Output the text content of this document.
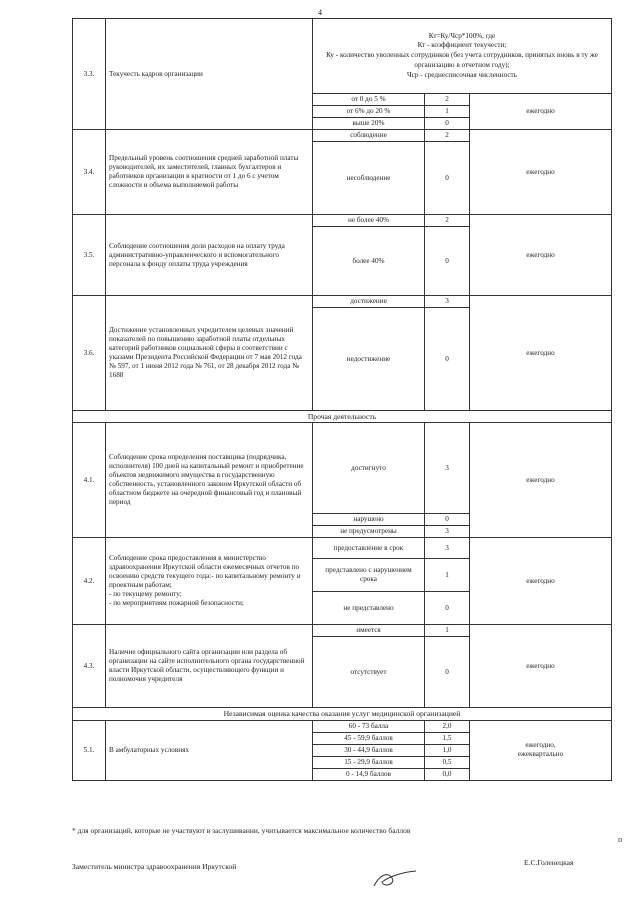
4
3.3.	Текучесть кадров организации	Кт=Ку/Чср*100%, где
Кт - коэффициент текучести;
Ку - количество уволенных сотрудников (без учета сотрудников, принятых вновь в ту же организацию в отчетном году);
Чср - среднесписочная численность		

		от 0 до 5 %	2	ежегодно
		от 6% до 20 %	1	
		выше 20%	0	
3.4.	Предельный уровень соотношения средней заработной платы руководителей, их заместителей, главных бухгалтеров и работников организации в кратности от 1 до 6 с учетом сложности и объема выполняемой работы	соблюдение	2	ежегодно
		несоблюдение	0	
3.5.	Соблюдение соотношения доли расходов на оплату труда административно-управленческого и вспомогательного персонала к фонду оплаты труда учреждения	не более 40%	2	ежегодно
		более 40%	0	
3.6.	Достижение установленных учредителем целевых значений показателей по повышению заработной платы отдельных категорий работников социальной сферы в соответствии с указами Президента Российской Федерации от 7 мая 2012 года № 597, от 1 июня 2012 года № 761, от 28 декабря 2012 года № 1688	достижение	3	ежегодно
		недостижение	0	
Прочая деятельность				
4.1.	Соблюдение срока определения поставщика (подрядчика, исполнителя) 100 дней на капитальный ремонт и приобретение объектов недвижимого имущества в государственную собственность, установленного законом Иркутской области об областном бюджете на очередной финансовый год и плановый период	достигнуто	3	ежегодно
		нарушено	0	
		не предусмотрены	3	
4.2.	Соблюдение срока предоставления в министерство здравоохранения Иркутской области ежемесячных отчетов по освоению средств текущего года:- по капитальному ремонту и проектным работам;
- по текущему ремонту;
- по мероприятиям пожарной безопасности;	предоставление в срок	3	ежегодно
		представлено с нарушением срока	1	
		не представлено	0	
4.3.	Наличие официального сайта организации или раздела об организации на сайте исполнительного органа государственной власти Иркутской области, осуществляющего функции и полномочия учредителя	имеется	1	ежегодно
		отсутствует	0	
Независимая оценка качества оказания услуг медицинской организацией				
5.1.	В амбулаторных условиях	60 - 73 балла	2,0	ежегодно,
ежеквартально

		45 - 59,9 баллов	1,5	
		30 - 44,9 баллов	1,0	
		15 - 29,9 баллов	0,5	
		0 - 14,9 баллов	0,0	
* для организаций, которые не участвуют в заслушивании, учитывается максимальное количество баллов
D
Заместитель министра здравоохранения Иркутской	Е.С.Голенецкая
